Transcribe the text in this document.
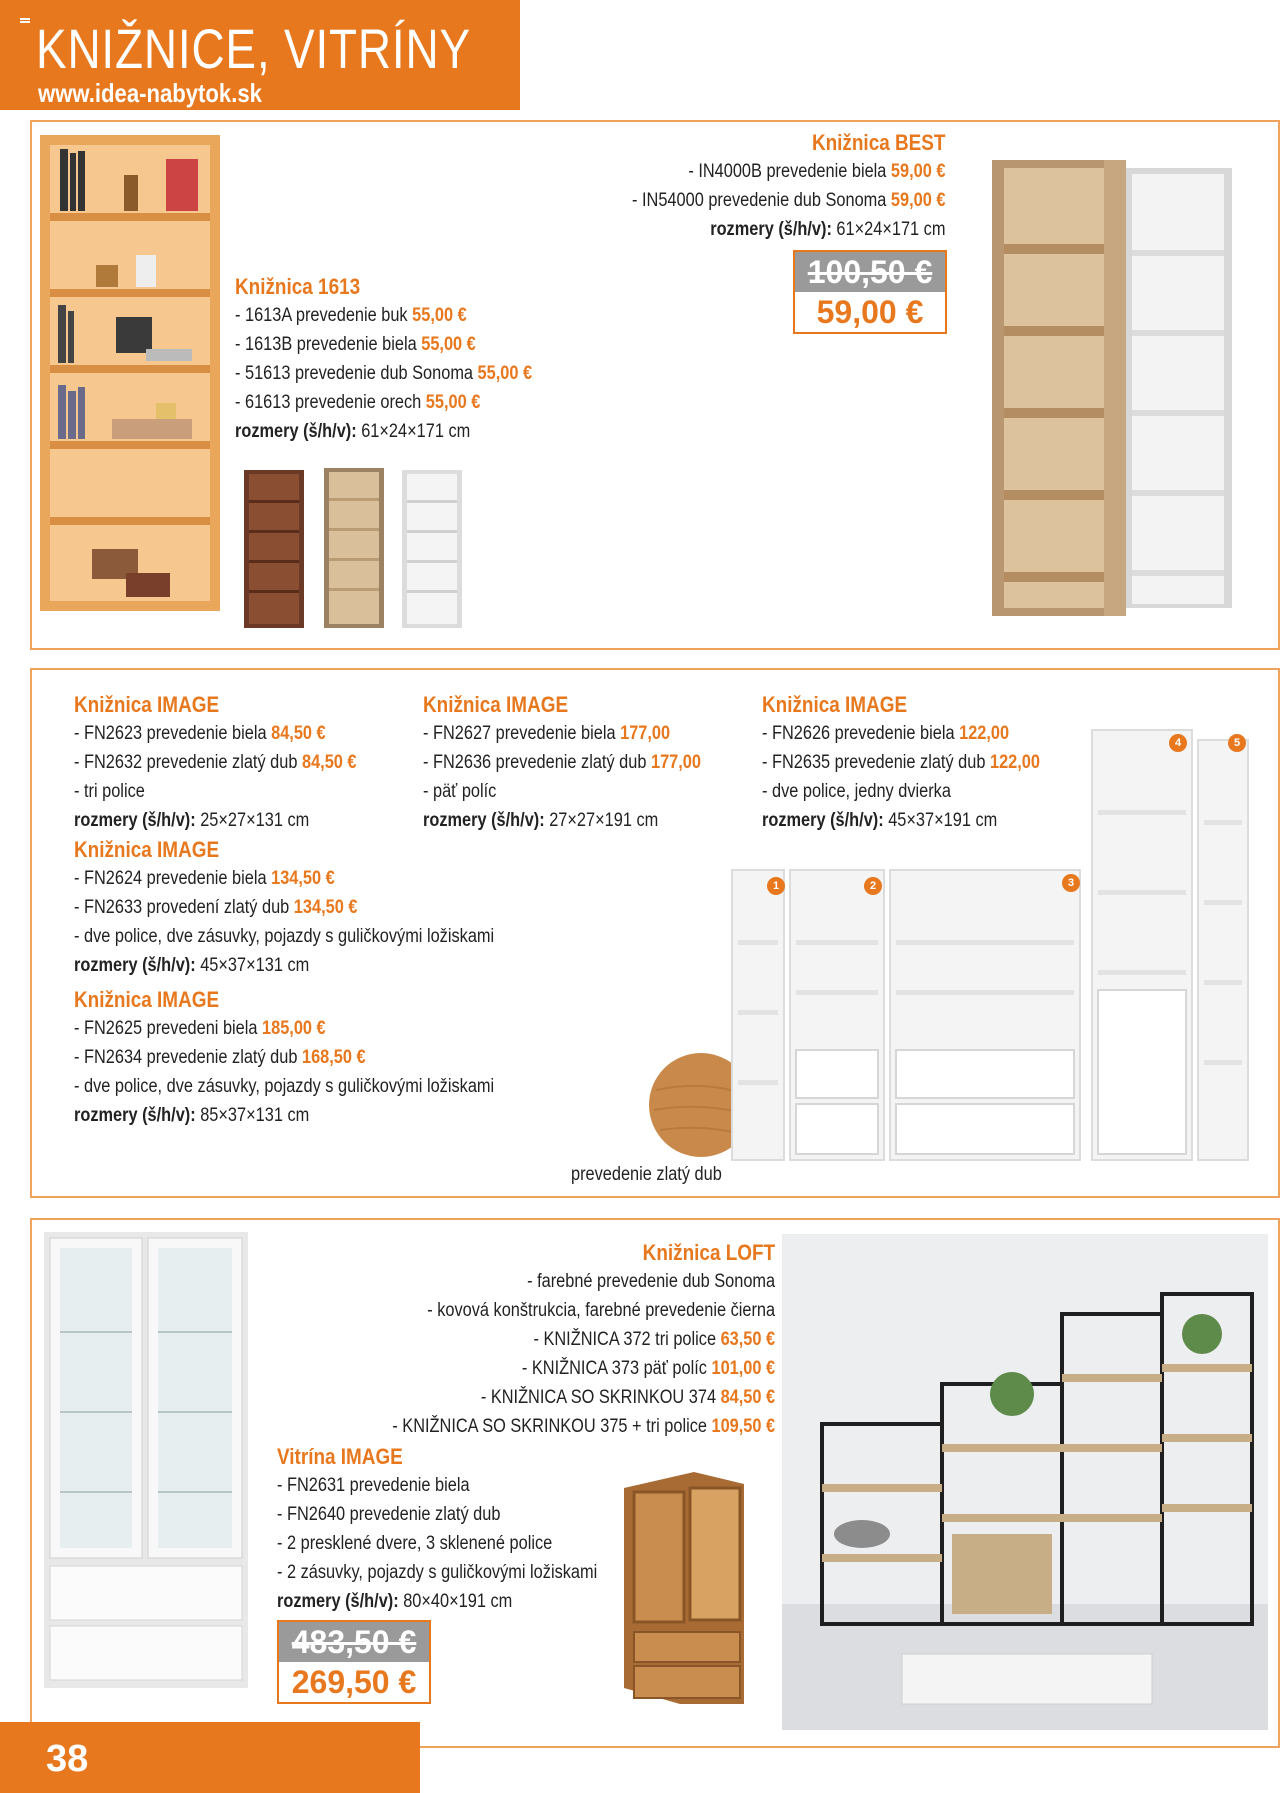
KNIŽNICE, VITRÍNY
www.idea-nabytok.sk
Knižnica 1613
- 1613A prevedenie buk 55,00 €
- 1613B prevedenie biela 55,00 €
- 51613 prevedenie dub Sonoma 55,00 €
- 61613 prevedenie orech 55,00 €
rozmery (š/h/v): 61×24×171 cm
Knižnica BEST
- IN4000B prevedenie biela 59,00 €
- IN54000 prevedenie dub Sonoma 59,00 €
rozmery (š/h/v): 61×24×171 cm
100,50 €
59,00 €
Knižnica IMAGE
- FN2623 prevedenie biela 84,50 €
- FN2632 prevedenie zlatý dub 84,50 €
- tri police
rozmery (š/h/v): 25×27×131 cm
Knižnica IMAGE
- FN2627 prevedenie biela 177,00
- FN2636 prevedenie zlatý dub 177,00
- päť políc
rozmery (š/h/v): 27×27×191 cm
Knižnica IMAGE
- FN2626 prevedenie biela 122,00
- FN2635 prevedenie zlatý dub 122,00
- dve police, jedny dvierka
rozmery (š/h/v): 45×37×191 cm
Knižnica IMAGE
- FN2624 prevedenie biela 134,50 €
- FN2633 provedení zlatý dub 134,50 €
- dve police, dve zásuvky, pojazdy s guličkovými ložiskami
rozmery (š/h/v): 45×37×131 cm
Knižnica IMAGE
- FN2625 prevedeni biela 185,00 €
- FN2634 prevedenie zlatý dub 168,50 €
- dve police, dve zásuvky, pojazdy s guličkovými ložiskami
rozmery (š/h/v): 85×37×131 cm
prevedenie zlatý dub
1	2	3
4	5
Knižnica LOFT
- farebné prevedenie dub Sonoma
- kovová konštrukcia, farebné prevedenie čierna
- KNIŽNICA 372 tri police 63,50 €
- KNIŽNICA 373 päť políc 101,00 €
- KNIŽNICA SO SKRINKOU 374 84,50 €
- KNIŽNICA SO SKRINKOU 375 + tri police 109,50 €
Vitrína IMAGE
- FN2631 prevedenie biela
- FN2640 prevedenie zlatý dub
- 2 presklené dvere, 3 sklenené police
- 2 zásuvky, pojazdy s guličkovými ložiskami
rozmery (š/h/v): 80×40×191 cm
483,50 €
269,50 €
38
